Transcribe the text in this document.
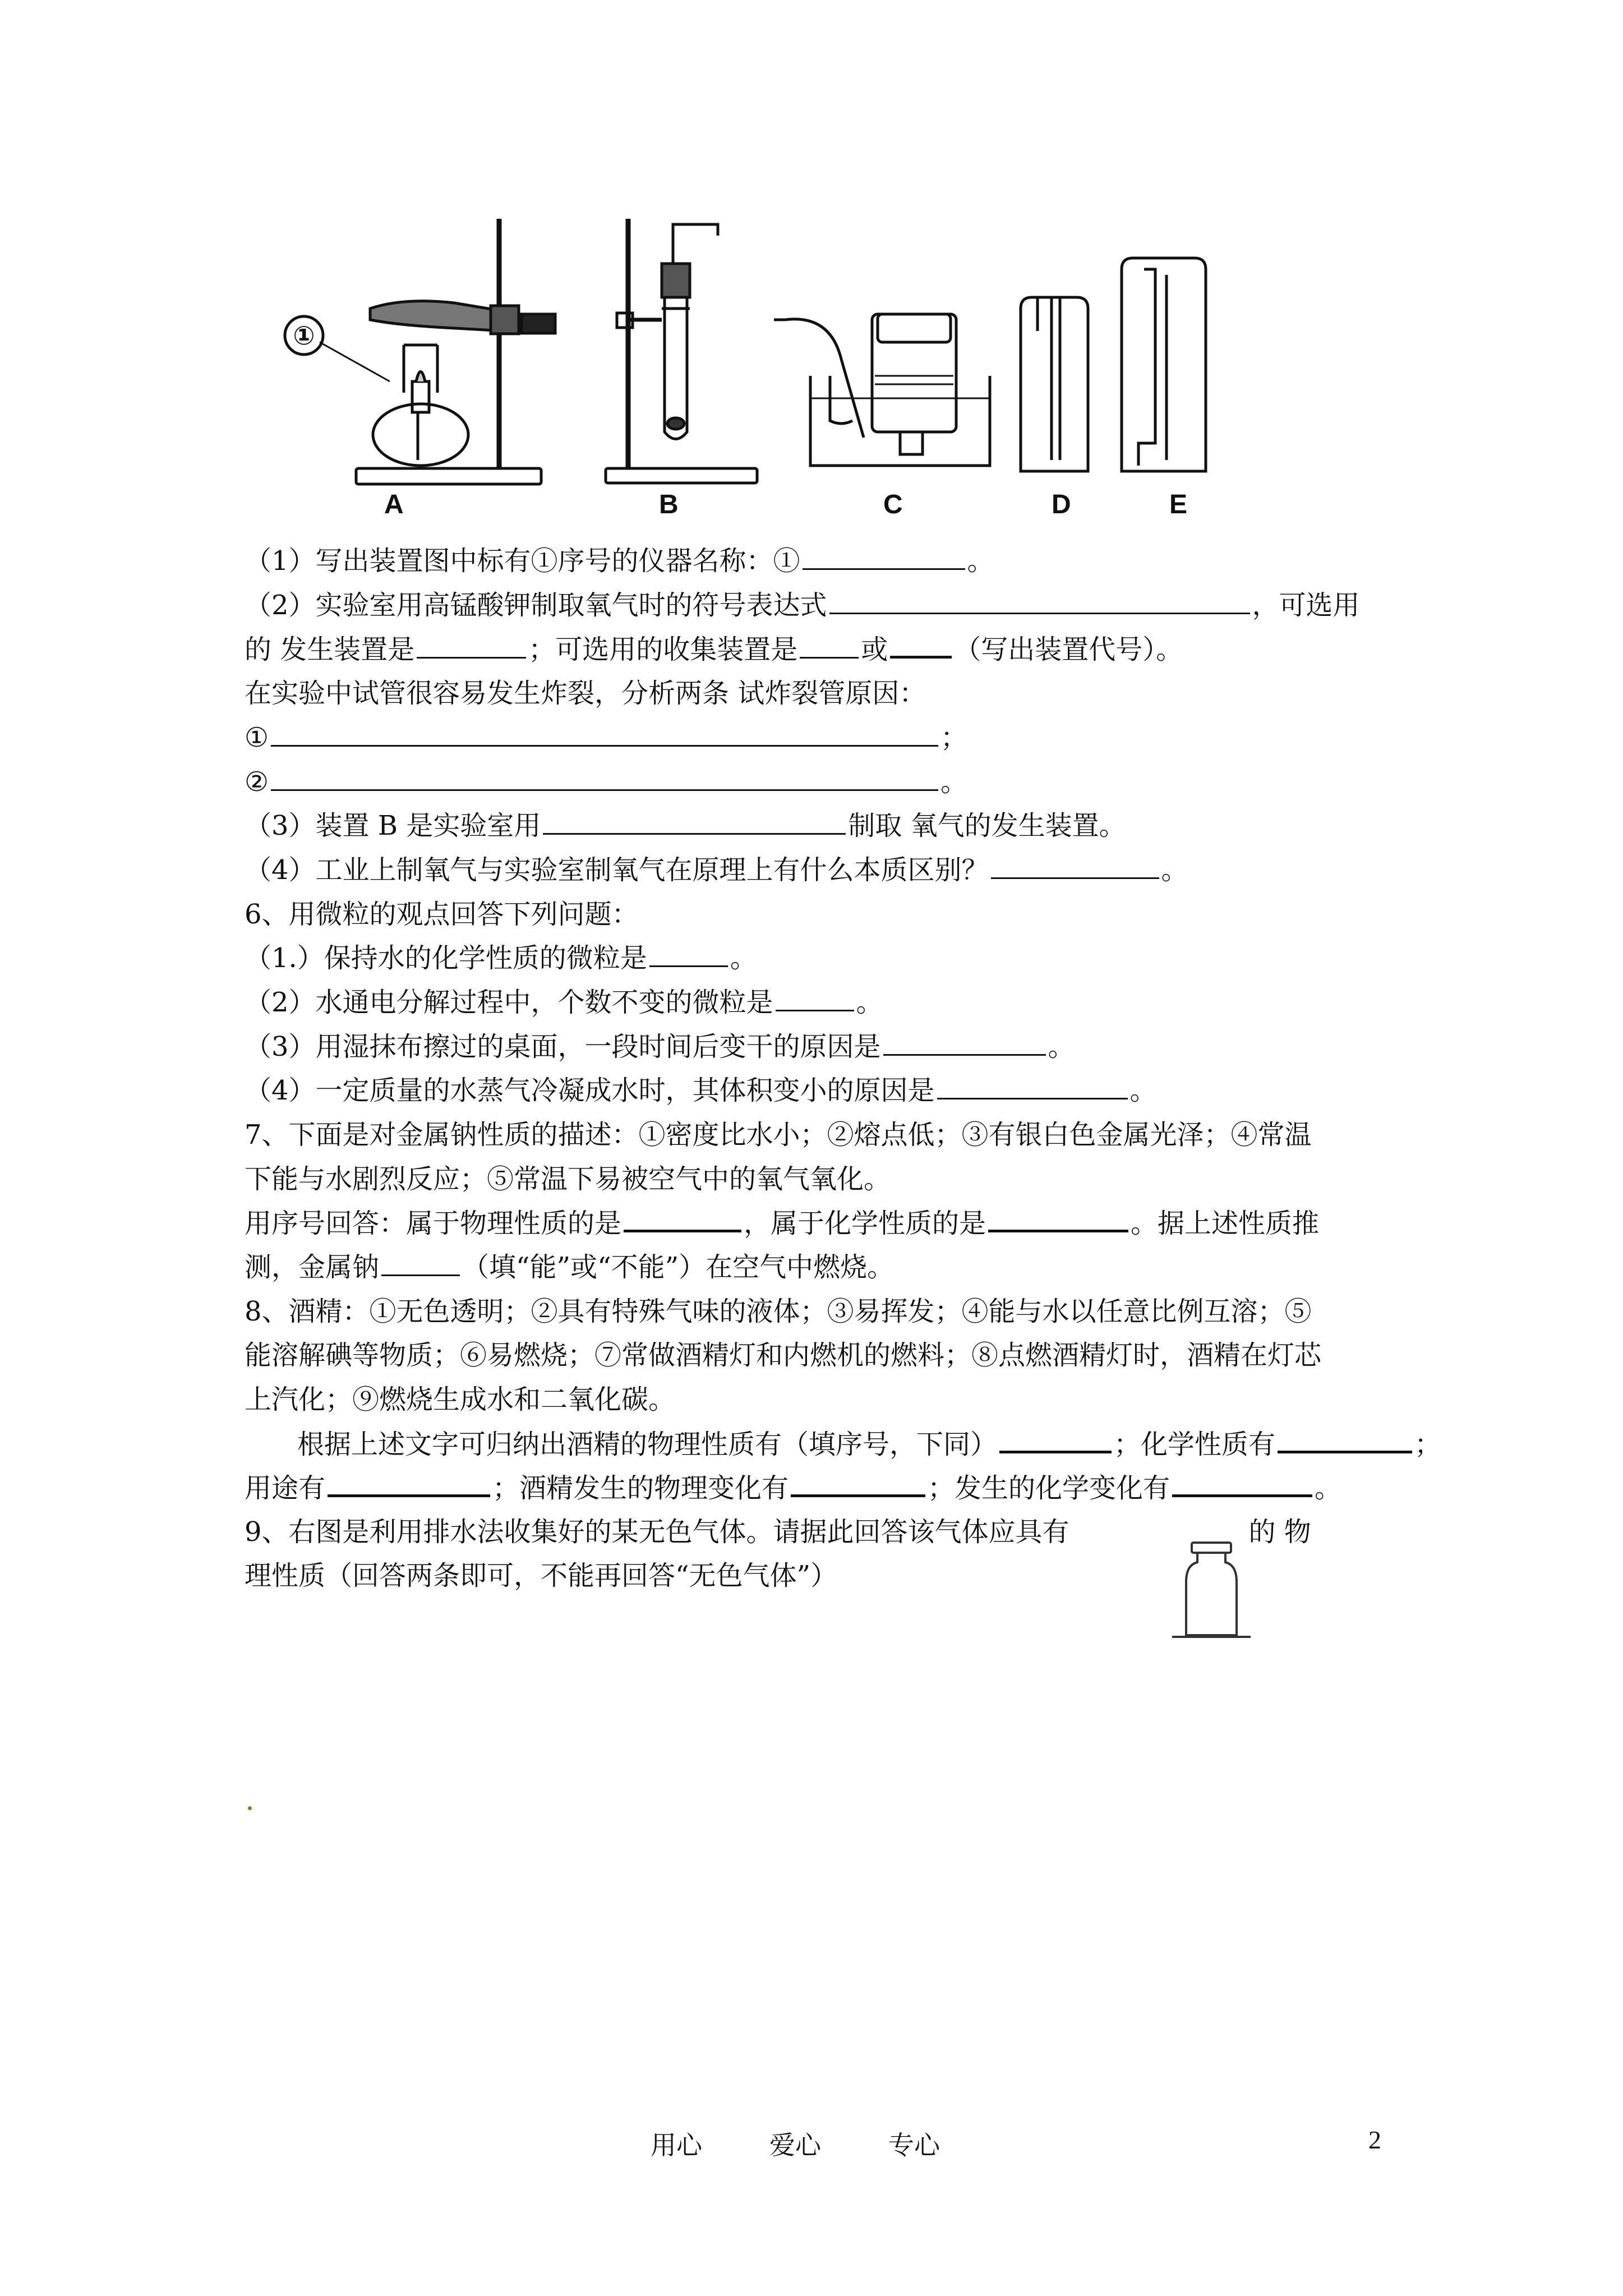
①
A	B	C	D	E
（1）写出装置图中标有①序号的仪器名称：①	。
（2）实验室用高锰酸钾制取氧气时的符号表达式	，可选用
的 发生装置是	；可选用的收集装置是 或 （写出装置代号）。
在实验中试管很容易发生炸裂，分析两条 试炸裂管原因：
①	；
②	。
（3）装置 B 是实验室用	制取 氧气的发生装置。
（4）工业上制氧气与实验室制氧气在原理上有什么本质区别？	。
6、用微粒的观点回答下列问题：
（1.）保持水的化学性质的微粒是	。
（2）水通电分解过程中，个数不变的微粒是	。
（3）用湿抹布擦过的桌面，一段时间后变干的原因是	。
（4）一定质量的水蒸气冷凝成水时，其体积变小的原因是	。
7、下面是对金属钠性质的描述：①密度比水小；②熔点低；③有银白色金属光泽；④常温
下能与水剧烈反应；⑤常温下易被空气中的氧气氧化。
用序号回答：属于物理性质的是	，属于化学性质的是	。据上述性质推
测，金属钠	（填“能”或“不能”）在空气中燃烧。
8、酒精：①无色透明；②具有特殊气味的液体；③易挥发；④能与水以任意比例互溶；⑤
能溶解碘等物质；⑥易燃烧；⑦常做酒精灯和内燃机的燃料；⑧点燃酒精灯时，酒精在灯芯
上汽化；⑨燃烧生成水和二氧化碳。
根据上述文字可归纳出酒精的物理性质有（填序号，下同）	；化学性质有	；
用途有	；酒精发生的物理变化有	；发生的化学变化有	。
9、右图是利用排水法收集好的某无色气体。请据此回答该气体应具有	的 物
理性质（回答两条即可，不能再回答“无色气体”）
用心	爱心	专心	2
